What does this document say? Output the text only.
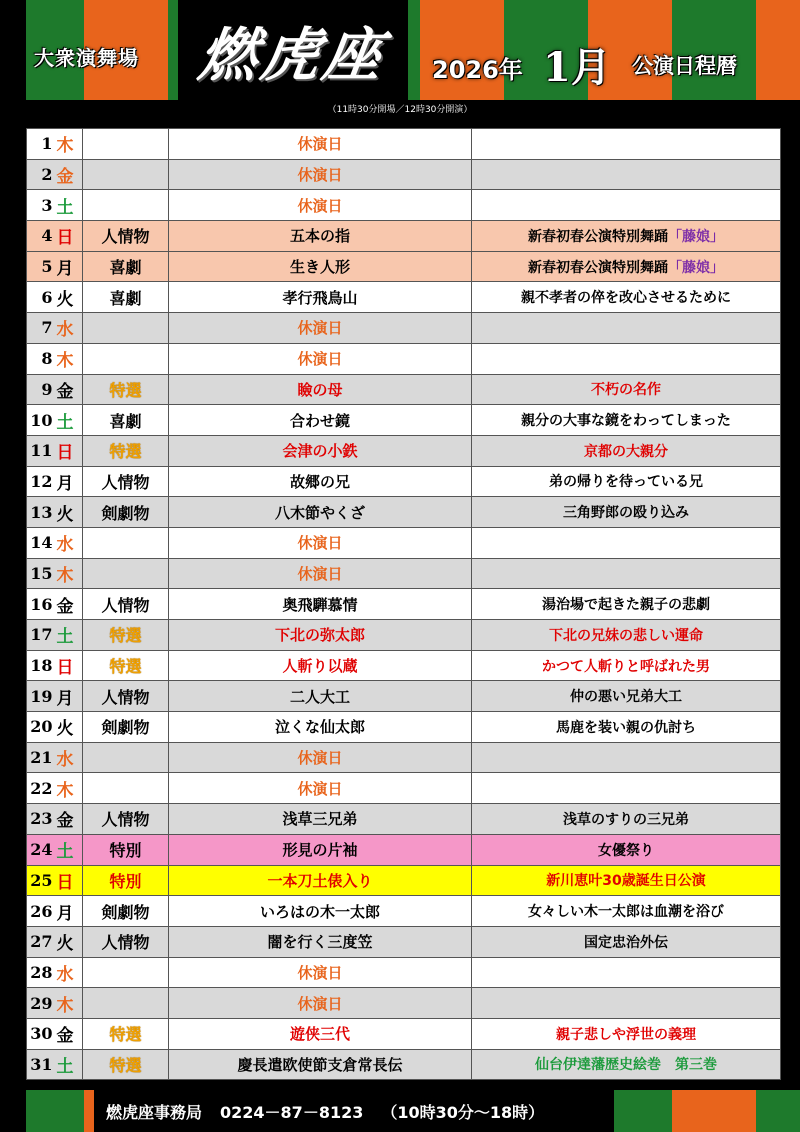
大衆演舞場 燃虎座 2026年 1月 公演日程暦
（11時30分開場／12時30分開演）
1	木		休演日	
2	金		休演日	
3	土		休演日	
4	日	人情物	五本の指	新春初春公演特別舞踊「藤娘」
5	月	喜劇	生き人形	新春初春公演特別舞踊「藤娘」
6	火	喜劇	孝行飛鳥山	親不孝者の倅を改心させるために
7	水		休演日	
8	木		休演日	
9	金	特選	瞼の母	不朽の名作
10	土	喜劇	合わせ鏡	親分の大事な鏡をわってしまった
11	日	特選	会津の小鉄	京都の大親分
12	月	人情物	故郷の兄	弟の帰りを待っている兄
13	火	剣劇物	八木節やくざ	三角野郎の殴り込み
14	水		休演日	
15	木		休演日	
16	金	人情物	奥飛騨慕情	湯治場で起きた親子の悲劇
17	土	特選	下北の弥太郎	下北の兄妹の悲しい運命
18	日	特選	人斬り以蔵	かつて人斬りと呼ばれた男
19	月	人情物	二人大工	仲の悪い兄弟大工
20	火	剣劇物	泣くな仙太郎	馬鹿を装い親の仇討ち
21	水		休演日	
22	木		休演日	
23	金	人情物	浅草三兄弟	浅草のすりの三兄弟
24	土	特別	形見の片袖	女優祭り
25	日	特別	一本刀土俵入り	新川恵叶30歳誕生日公演
26	月	剣劇物	いろはの木一太郎	女々しい木一太郎は血潮を浴び
27	火	人情物	闇を行く三度笠	国定忠治外伝
28	水		休演日	
29	木		休演日	
30	金	特選	遊侠三代	親子悲しや浮世の義理
31	土	特選	慶長遣欧使節支倉常長伝	仙台伊達藩歴史絵巻　第三巻
燃虎座事務局 0224－87－8123 （10時30分～18時）
